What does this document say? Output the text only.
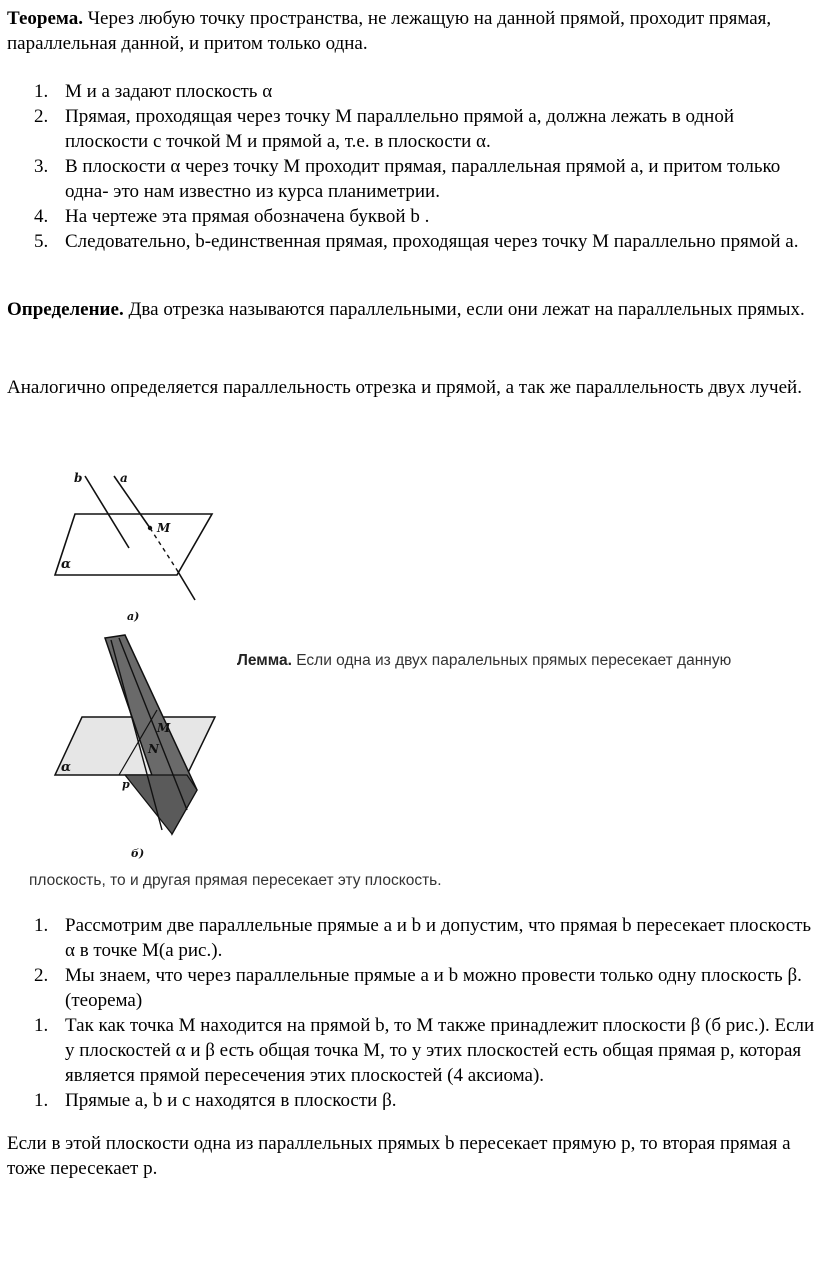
Теорема. Через любую точку пространства, не лежащую на данной прямой, проходит прямая, параллельная данной, и притом только одна.

1. M и a задают плоскость α
2. Прямая, проходящая через точку M параллельно прямой a, должна лежать в одной плоскости с точкой M и прямой a, т.е. в плоскости α.
3. В плоскости α через точку M проходит прямая, параллельная прямой a, и притом только одна- это нам известно из курса планиметрии.
4. На чертеже эта прямая обозначена буквой b .
5. Следовательно, b-единственная прямая, проходящая через точку M параллельно прямой a.

Определение. Два отрезка называются параллельными, если они лежат на параллельных прямых.

Аналогично определяется параллельность отрезка и прямой, а так же параллельность двух лучей.

b	a
M
α
а)
M
N
p
α
б)
Лемма. Если одна из двух паралельных прямых пересекает данную
плоскость, то и другая прямая пересекает эту плоскость.
1. Рассмотрим две параллельные прямые a и b и допустим, что прямая b пересекает плоскость α в точке M(а рис.).
2. Мы знаем, что через параллельные прямые a и b можно провести только одну плоскость β. (теорема)
1. Так как точка M находится на прямой b, то M также принадлежит плоскости β (б рис.). Если у плоскостей α и β есть общая точка M, то у этих плоскостей есть общая прямая p, которая является прямой пересечения этих плоскостей (4 аксиома).
1. Прямые a, b и c находятся в плоскости β.

Если в этой плоскости одна из параллельных прямых b пересекает прямую p, то вторая прямая a тоже пересекает p.
